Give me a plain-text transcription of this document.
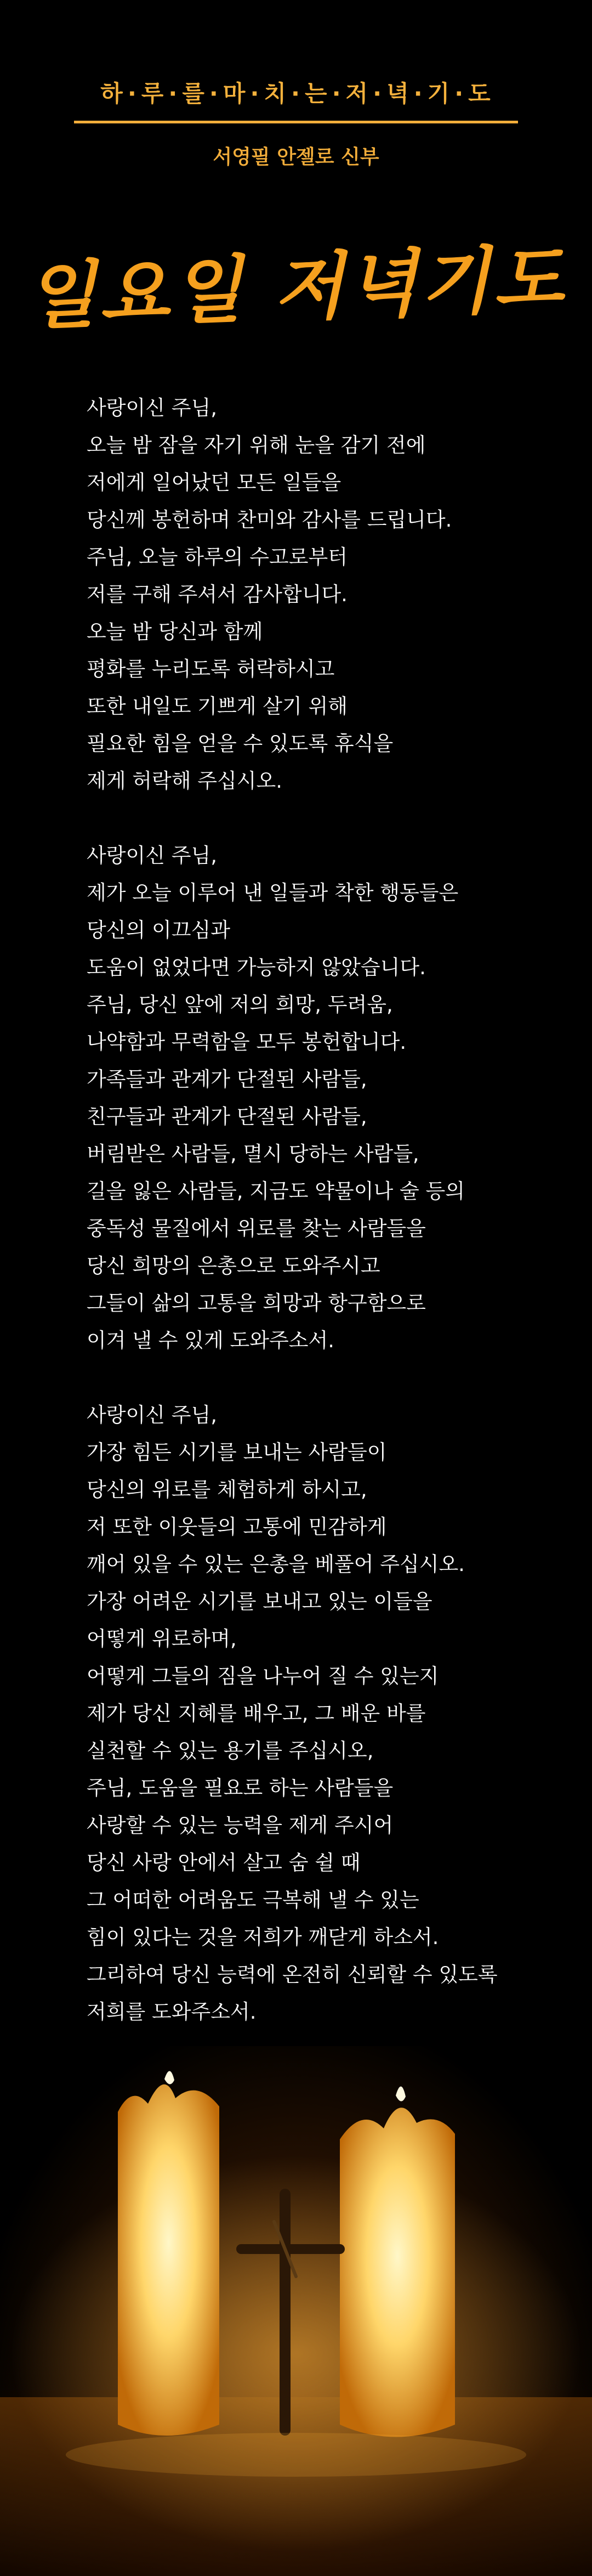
하 · 루 · 를 · 마 · 치 · 는 · 저 · 녁 · 기 · 도
서영필 안젤로 신부
일요일 저녁기도

사랑이신 주님,

오늘 밤 잠을 자기 위해 눈을 감기 전에

저에게 일어났던 모든 일들을

당신께 봉헌하며 찬미와 감사를 드립니다.

주님, 오늘 하루의 수고로부터

저를 구해 주셔서 감사합니다.

오늘 밤 당신과 함께

평화를 누리도록 허락하시고

또한 내일도 기쁘게 살기 위해

필요한 힘을 얻을 수 있도록 휴식을

제게 허락해 주십시오.

사랑이신 주님,

제가 오늘 이루어 낸 일들과 착한 행동들은

당신의 이끄심과

도움이 없었다면 가능하지 않았습니다.

주님, 당신 앞에 저의 희망, 두려움,

나약함과 무력함을 모두 봉헌합니다.

가족들과 관계가 단절된 사람들,

친구들과 관계가 단절된 사람들,

버림받은 사람들, 멸시 당하는 사람들,

길을 잃은 사람들, 지금도 약물이나 술 등의

중독성 물질에서 위로를 찾는 사람들을

당신 희망의 은총으로 도와주시고

그들이 삶의 고통을 희망과 항구함으로

이겨 낼 수 있게 도와주소서.

사랑이신 주님,

가장 힘든 시기를 보내는 사람들이

당신의 위로를 체험하게 하시고,

저 또한 이웃들의 고통에 민감하게

깨어 있을 수 있는 은총을 베풀어 주십시오.

가장 어려운 시기를 보내고 있는 이들을

어떻게 위로하며,

어떻게 그들의 짐을 나누어 질 수 있는지

제가 당신 지혜를 배우고, 그 배운 바를

실천할 수 있는 용기를 주십시오,

주님, 도움을 필요로 하는 사람들을

사랑할 수 있는 능력을 제게 주시어

당신 사랑 안에서 살고 숨 쉴 때

그 어떠한 어려움도 극복해 낼 수 있는

힘이 있다는 것을 저희가 깨닫게 하소서.

그리하여 당신 능력에 온전히 신뢰할 수 있도록

저희를 도와주소서.
